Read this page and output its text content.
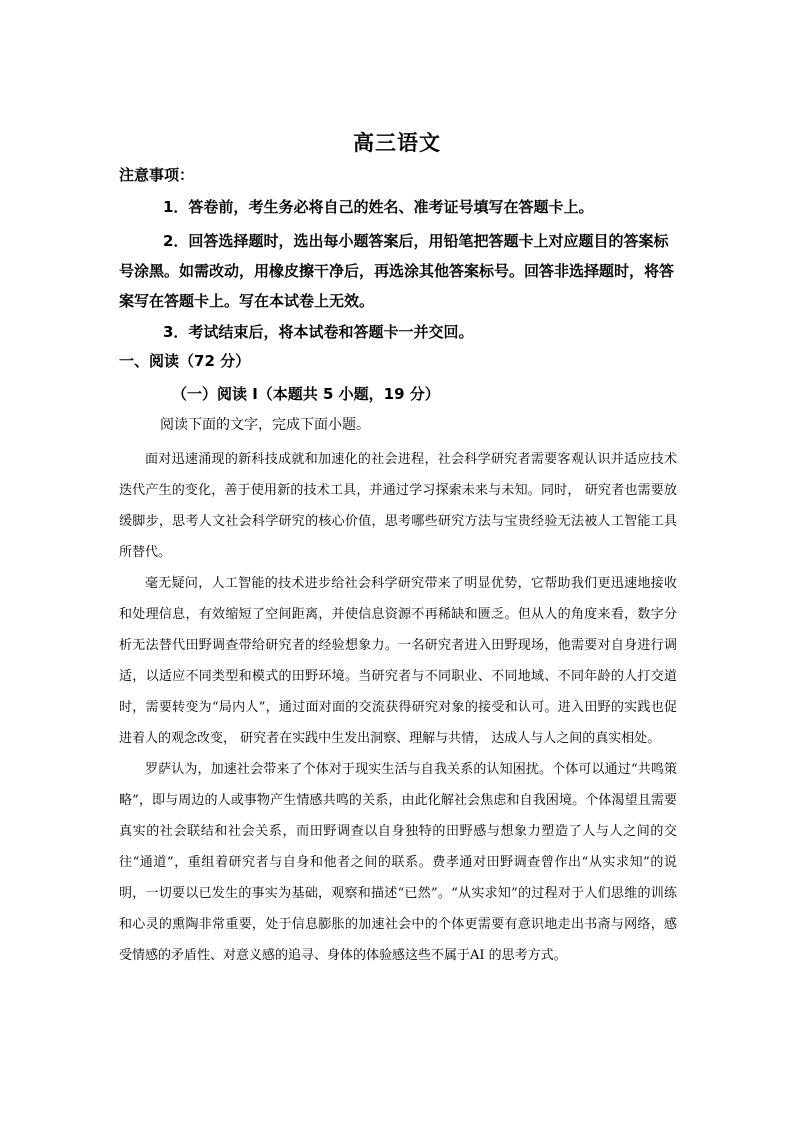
高三语文
注意事项：

1．答卷前，考生务必将自己的姓名、准考证号填写在答题卡上。

2．回答选择题时，选出每小题答案后，用铅笔把答题卡上对应题目的答案标号涂黑。如需改动，用橡皮擦干净后，再选涂其他答案标号。回答非选择题时，将答案写在答题卡上。写在本试卷上无效。

3．考试结束后，将本试卷和答题卡一并交回。

一、阅读（72 分）
（一）阅读 I（本题共 5 小题，19 分）
阅读下面的文字，完成下面小题。

面对迅速涌现的新科技成就和加速化的社会进程，社会科学研究者需要客观认识并适应技术迭代产生的变化，善于使用新的技术工具，并通过学习探索未来与未知。同时， 研究者也需要放缓脚步，思考人文社会科学研究的核心价值，思考哪些研究方法与宝贵经验无法被人工智能工具所替代。

毫无疑问，人工智能的技术进步给社会科学研究带来了明显优势，它帮助我们更迅速地接收和处理信息，有效缩短了空间距离，并使信息资源不再稀缺和匮乏。但从人的角度来看，数字分析无法替代田野调查带给研究者的经验想象力。一名研究者进入田野现场，他需要对自身进行调适，以适应不同类型和模式的田野环境。当研究者与不同职业、不同地域、不同年龄的人打交道时，需要转变为“局内人”，通过面对面的交流获得研究对象的接受和认可。进入田野的实践也促进着人的观念改变， 研究者在实践中生发出洞察、理解与共情， 达成人与人之间的真实相处。

罗萨认为，加速社会带来了个体对于现实生活与自我关系的认知困扰。个体可以通过“共鸣策略”，即与周边的人或事物产生情感共鸣的关系，由此化解社会焦虑和自我困境。个体渴望且需要真实的社会联结和社会关系，而田野调查以自身独特的田野感与想象力塑造了人与人之间的交往“通道”，重组着研究者与自身和他者之间的联系。费孝通对田野调查曾作出“从实求知”的说明，一切要以已发生的事实为基础，观察和描述“已然”。“从实求知”的过程对于人们思维的训练和心灵的熏陶非常重要，处于信息膨胀的加速社会中的个体更需要有意识地走出书斋与网络，感受情感的矛盾性、对意义感的追寻、身体的体验感这些不属于AI 的思考方式。
